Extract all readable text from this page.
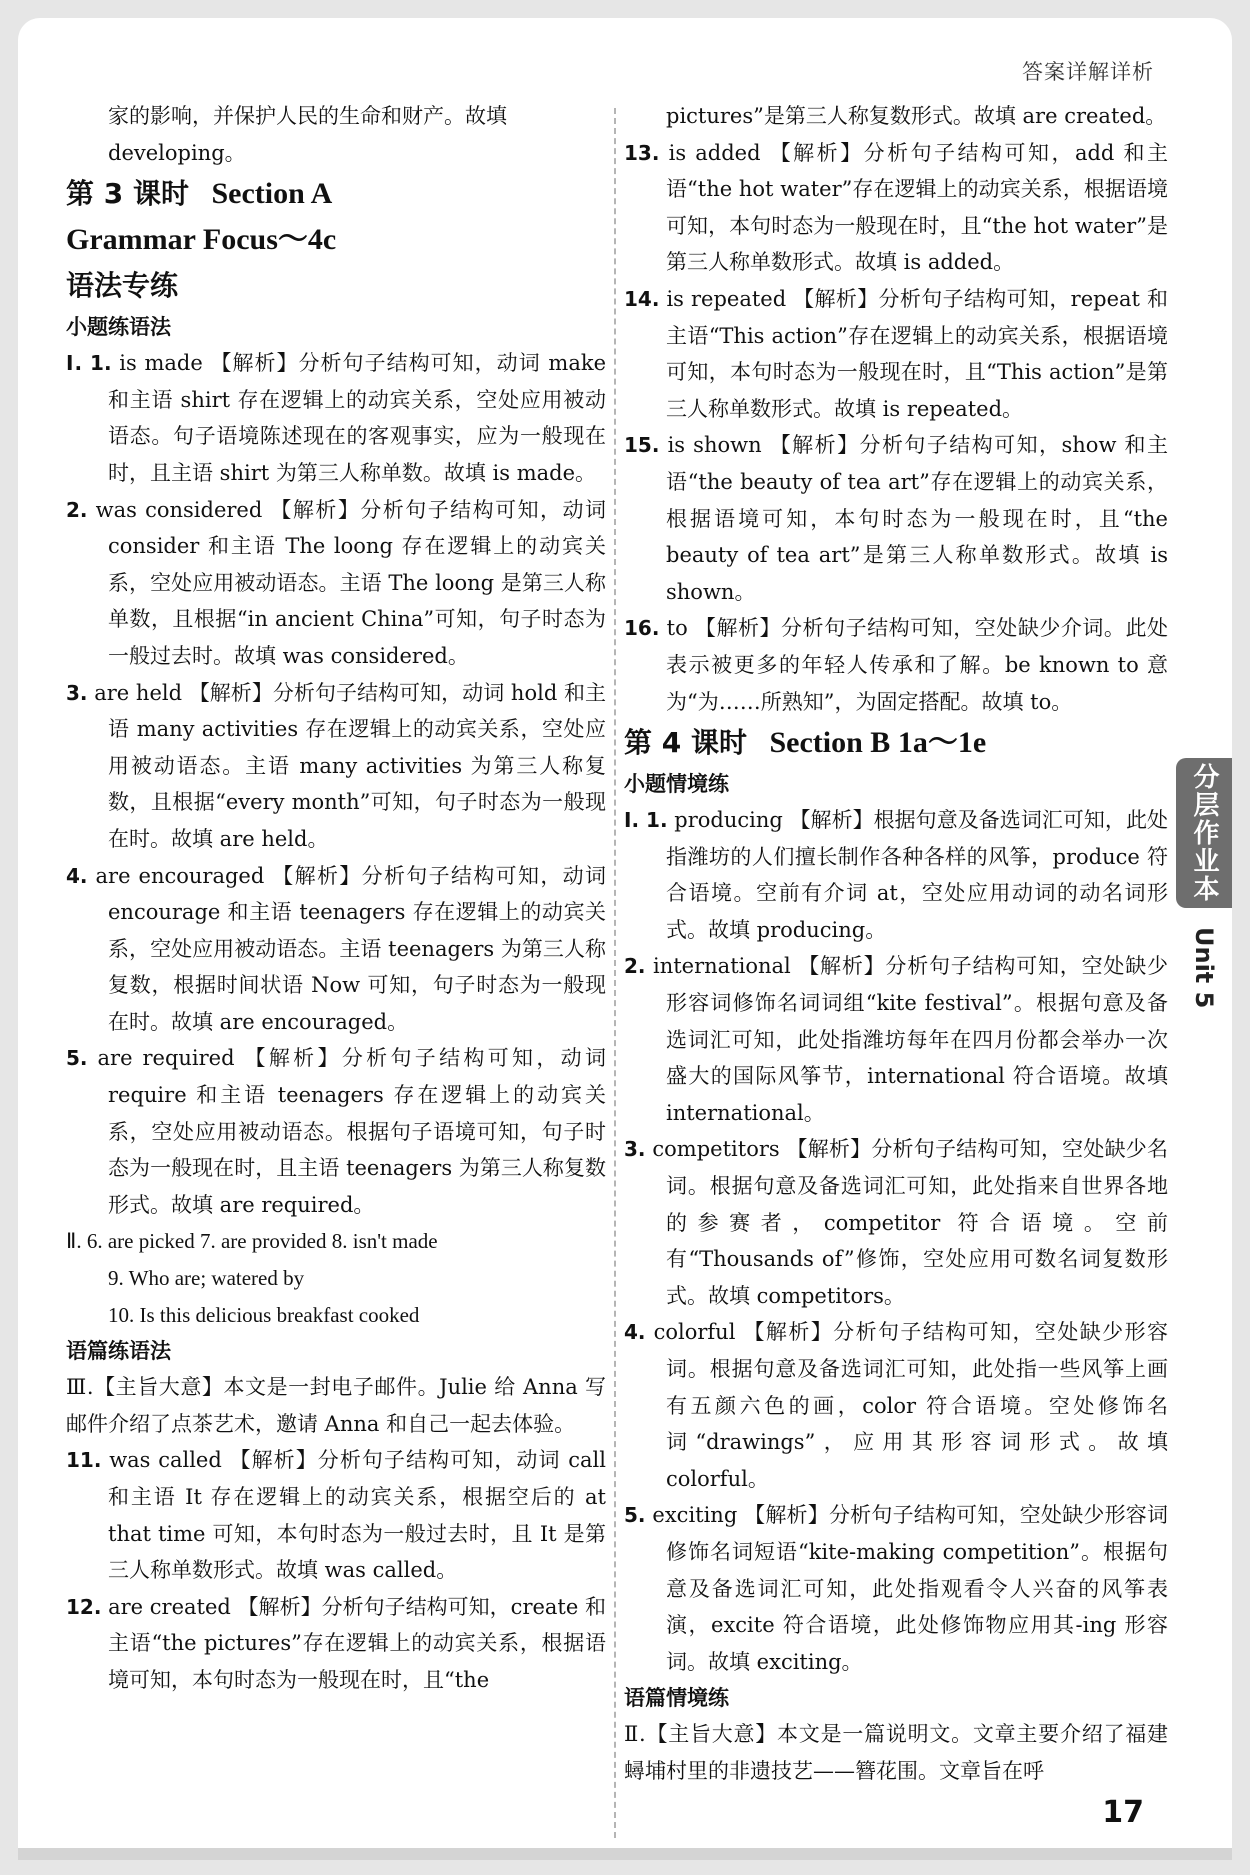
答案详解详析

家的影响，并保护人民的生命和财产。故填

developing。

第 3 课时 Section A

Grammar Focus～4c

语法专练

小题练语法

Ⅰ. 1. is made 【解析】分析句子结构可知，动词 make 和主语 shirt 存在逻辑上的动宾关系，空处应用被动语态。句子语境陈述现在的客观事实，应为一般现在时，且主语 shirt 为第三人称单数。故填 is made。

2. was considered 【解析】分析句子结构可知，动词 consider 和主语 The loong 存在逻辑上的动宾关系，空处应用被动语态。主语 The loong 是第三人称单数，且根据“in ancient China”可知，句子时态为一般过去时。故填 was considered。

3. are held 【解析】分析句子结构可知，动词 hold 和主语 many activities 存在逻辑上的动宾关系，空处应用被动语态。主语 many activities 为第三人称复数，且根据“every month”可知，句子时态为一般现在时。故填 are held。

4. are encouraged 【解析】分析句子结构可知，动词 encourage 和主语 teenagers 存在逻辑上的动宾关系，空处应用被动语态。主语 teenagers 为第三人称复数，根据时间状语 Now 可知，句子时态为一般现在时。故填 are encouraged。

5. are required 【解析】分析句子结构可知，动词 require 和主语 teenagers 存在逻辑上的动宾关系，空处应用被动语态。根据句子语境可知，句子时态为一般现在时，且主语 teenagers 为第三人称复数形式。故填 are required。

Ⅱ. 6. are picked 7. are provided 8. isn't made

9. Who are; watered by

10. Is this delicious breakfast cooked

语篇练语法

Ⅲ.【主旨大意】本文是一封电子邮件。Julie 给 Anna 写邮件介绍了点茶艺术，邀请 Anna 和自己一起去体验。

11. was called 【解析】分析句子结构可知，动词 call 和主语 It 存在逻辑上的动宾关系，根据空后的 at that time 可知，本句时态为一般过去时，且 It 是第三人称单数形式。故填 was called。

12. are created 【解析】分析句子结构可知，create 和主语“the pictures”存在逻辑上的动宾关系，根据语境可知，本句时态为一般现在时，且“the

pictures”是第三人称复数形式。故填 are created。

13. is added 【解析】分析句子结构可知，add 和主语“the hot water”存在逻辑上的动宾关系，根据语境可知，本句时态为一般现在时，且“the hot water”是第三人称单数形式。故填 is added。

14. is repeated 【解析】分析句子结构可知，repeat 和主语“This action”存在逻辑上的动宾关系，根据语境可知，本句时态为一般现在时，且“This action”是第三人称单数形式。故填 is repeated。

15. is shown 【解析】分析句子结构可知，show 和主语“the beauty of tea art”存在逻辑上的动宾关系，根据语境可知，本句时态为一般现在时，且“the beauty of tea art”是第三人称单数形式。故填 is shown。

16. to 【解析】分析句子结构可知，空处缺少介词。此处表示被更多的年轻人传承和了解。be known to 意为“为……所熟知”，为固定搭配。故填 to。

第 4 课时 Section B 1a～1e

小题情境练

Ⅰ. 1. producing 【解析】根据句意及备选词汇可知，此处指潍坊的人们擅长制作各种各样的风筝，produce 符合语境。空前有介词 at，空处应用动词的动名词形式。故填 producing。

2. international 【解析】分析句子结构可知，空处缺少形容词修饰名词词组“kite festival”。根据句意及备选词汇可知，此处指潍坊每年在四月份都会举办一次盛大的国际风筝节，international 符合语境。故填 international。

3. competitors 【解析】分析句子结构可知，空处缺少名词。根据句意及备选词汇可知，此处指来自世界各地的参赛者，competitor 符合语境。空前有“Thousands of”修饰，空处应用可数名词复数形式。故填 competitors。

4. colorful 【解析】分析句子结构可知，空处缺少形容词。根据句意及备选词汇可知，此处指一些风筝上画有五颜六色的画，color 符合语境。空处修饰名词“drawings”，应用其形容词形式。故填 colorful。

5. exciting 【解析】分析句子结构可知，空处缺少形容词修饰名词短语“kite-making competition”。根据句意及备选词汇可知，此处指观看令人兴奋的风筝表演，excite 符合语境，此处修饰物应用其-ing 形容词。故填 exciting。

语篇情境练

Ⅱ.【主旨大意】本文是一篇说明文。文章主要介绍了福建蟳埔村里的非遗技艺——簪花围。文章旨在呼

分层作业本
Unit 5
17
